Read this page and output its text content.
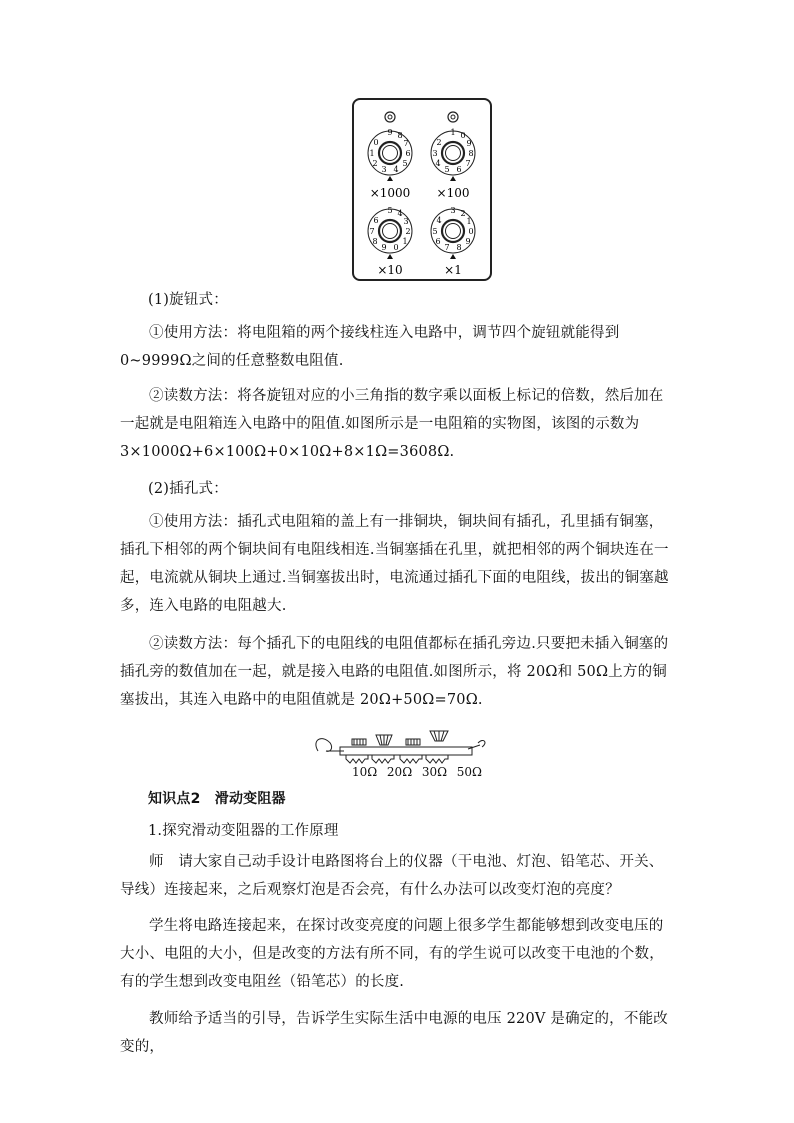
9 8
7
6
5
4
3
2
1
0
1 0
9
8
7
6
5
4
3
2
×1000 ×100
5 4
3
2
1
0
9
8
7
6
3 2
1
0
9
8
7
6
5
4
×10	×1
(1)旋钮式：
①使用方法：将电阻箱的两个接线柱连入电路中，调节四个旋钮就能得到 0~9999Ω之间的任意整数电阻值.
②读数方法：将各旋钮对应的小三角指的数字乘以面板上标记的倍数，然后加在一起就是电阻箱连入电路中的阻值.如图所示是一电阻箱的实物图，该图的示数为 3×1000Ω+6×100Ω+0×10Ω+8×1Ω=3608Ω.
(2)插孔式：
①使用方法：插孔式电阻箱的盖上有一排铜块，铜块间有插孔，孔里插有铜塞，插孔下相邻的两个铜块间有电阻线相连.当铜塞插在孔里，就把相邻的两个铜块连在一起，电流就从铜块上通过.当铜塞拔出时，电流通过插孔下面的电阻线，拔出的铜塞越多，连入电路的电阻越大.
②读数方法：每个插孔下的电阻线的电阻值都标在插孔旁边.只要把未插入铜塞的插孔旁的数值加在一起，就是接入电路的电阻值.如图所示，将 20Ω和 50Ω上方的铜塞拔出，其连入电路中的电阻值就是 20Ω+50Ω=70Ω.
10Ω 20Ω 30Ω 50Ω
知识点2　滑动变阻器
1.探究滑动变阻器的工作原理
师　请大家自己动手设计电路图将台上的仪器（干电池、灯泡、铅笔芯、开关、导线）连接起来，之后观察灯泡是否会亮，有什么办法可以改变灯泡的亮度？
学生将电路连接起来，在探讨改变亮度的问题上很多学生都能够想到改变电压的大小、电阻的大小，但是改变的方法有所不同，有的学生说可以改变干电池的个数，有的学生想到改变电阻丝（铅笔芯）的长度.
教师给予适当的引导，告诉学生实际生活中电源的电压 220V 是确定的，不能改变的，
